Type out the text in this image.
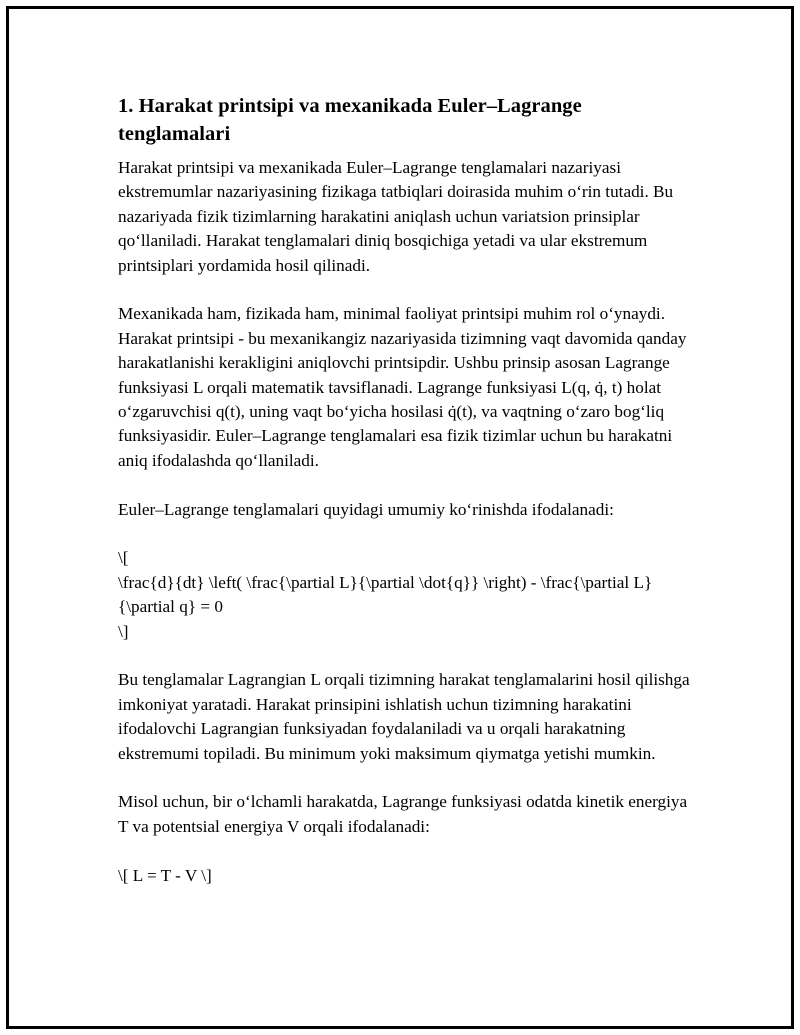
1. Harakat printsipi va mexanikada Euler–Lagrange tenglamalari

Harakat printsipi va mexanikada Euler–Lagrange tenglamalari nazariyasi ekstremumlar nazariyasining fizikaga tatbiqlari doirasida muhim o‘rin tutadi. Bu nazariyada fizik tizimlarning harakatini aniqlash uchun variatsion prinsiplar qo‘llaniladi. Harakat tenglamalari diniq bosqichiga yetadi va ular ekstremum printsiplari yordamida hosil qilinadi.

Mexanikada ham, fizikada ham, minimal faoliyat printsipi muhim rol o‘ynaydi. Harakat printsipi - bu mexanikangiz nazariyasida tizimning vaqt davomida qanday harakatlanishi kerakligini aniqlovchi printsipdir. Ushbu prinsip asosan Lagrange funksiyasi L orqali matematik tavsiflanadi. Lagrange funksiyasi L(q, q̇, t) holat o‘zgaruvchisi q(t), uning vaqt bo‘yicha hosilasi q̇(t), va vaqtning o‘zaro bog‘liq funksiyasidir. Euler–Lagrange tenglamalari esa fizik tizimlar uchun bu harakatni aniq ifodalashda qo‘llaniladi.

Euler–Lagrange tenglamalari quyidagi umumiy ko‘rinishda ifodalanadi:

\[
\frac{d}{dt} \left( \frac{\partial L}{\partial \dot{q}} \right) - \frac{\partial L}{\partial q} = 0
\]

Bu tenglamalar Lagrangian L orqali tizimning harakat tenglamalarini hosil qilishga imkoniyat yaratadi. Harakat prinsipini ishlatish uchun tizimning harakatini ifodalovchi Lagrangian funksiyadan foydalaniladi va u orqali harakatning ekstremumi topiladi. Bu minimum yoki maksimum qiymatga yetishi mumkin.

Misol uchun, bir o‘lchamli harakatda, Lagrange funksiyasi odatda kinetik energiya T va potentsial energiya V orqali ifodalanadi:

\[ L = T - V \]
